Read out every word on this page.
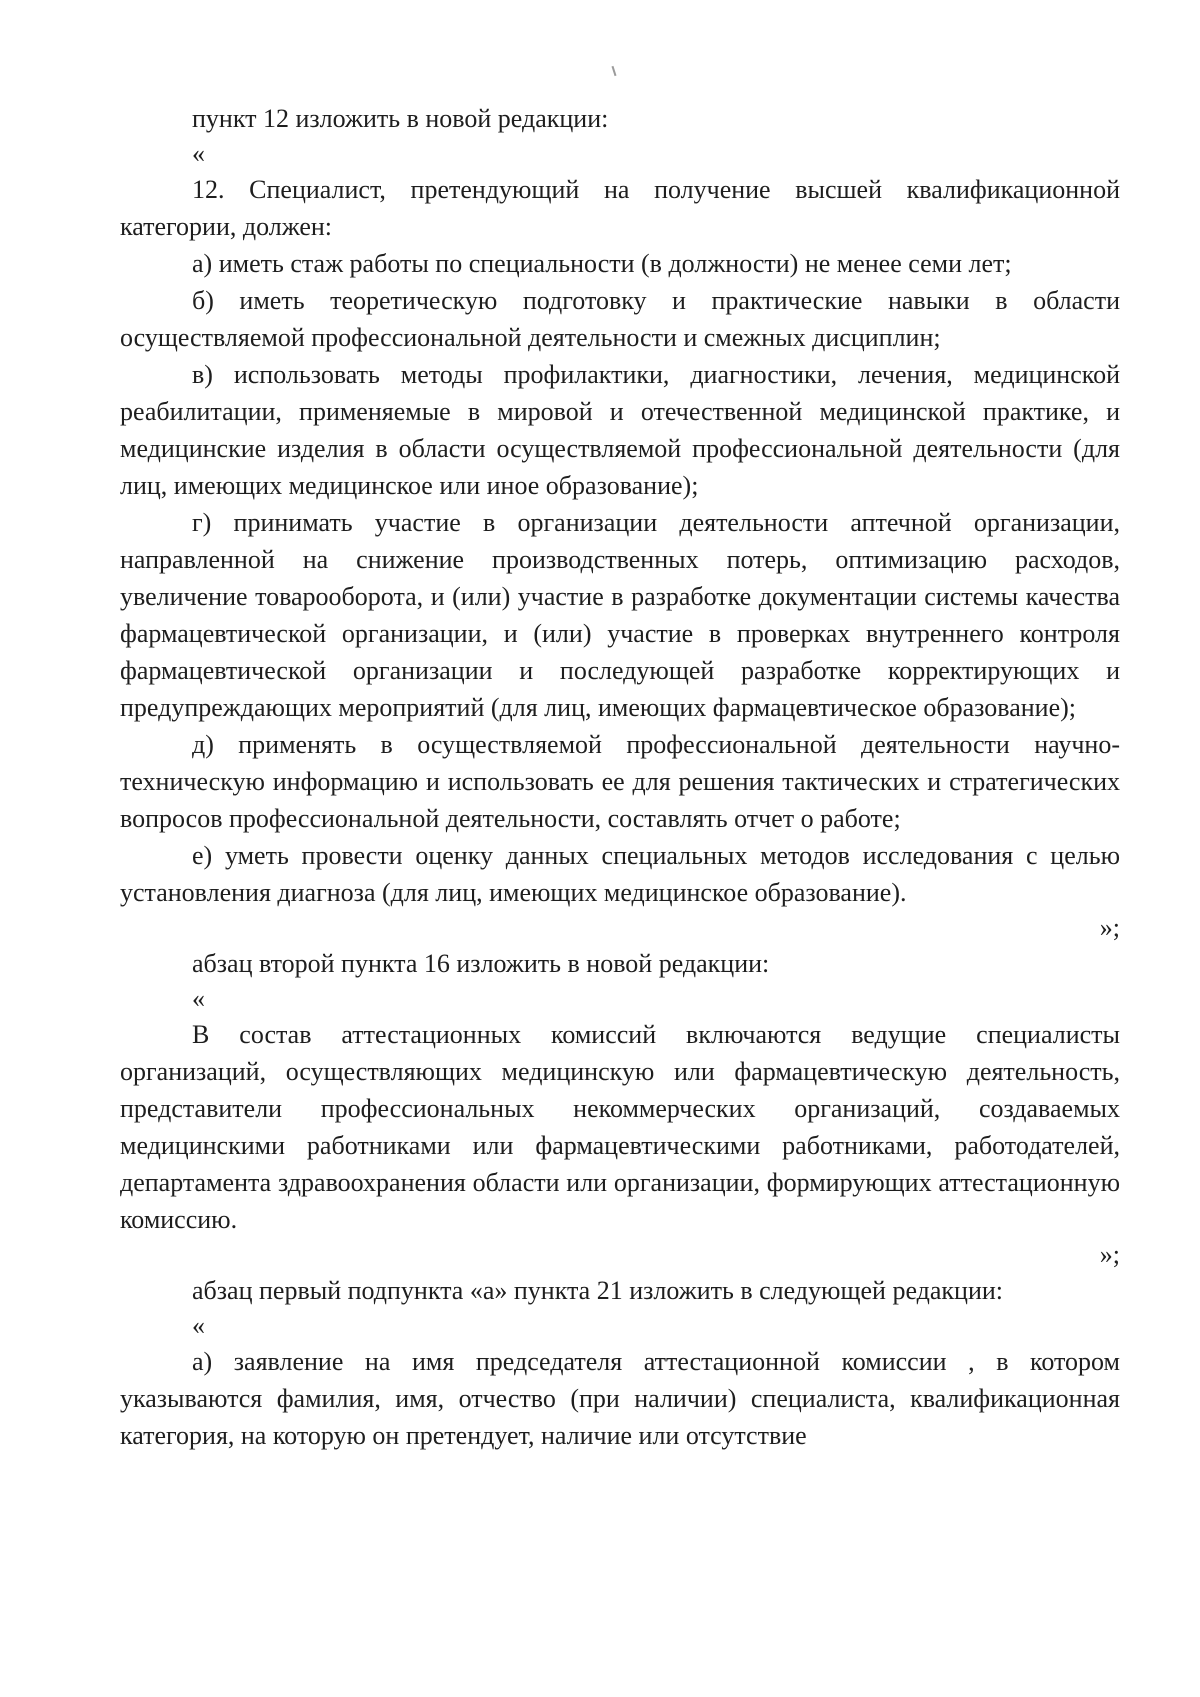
пункт 12 изложить в новой редакции:

«

12. Специалист, претендующий на получение высшей квалификационной категории, должен:

а) иметь стаж работы по специальности (в должности) не менее семи лет;

б) иметь теоретическую подготовку и практические навыки в области осуществляемой профессиональной деятельности и смежных дисциплин;

в) использовать методы профилактики, диагностики, лечения, медицинской реабилитации, применяемые в мировой и отечественной медицинской практике, и медицинские изделия в области осуществляемой профессиональной деятельности (для лиц, имеющих медицинское или иное образование);

г) принимать участие в организации деятельности аптечной организации, направленной на снижение производственных потерь, оптимизацию расходов, увеличение товарооборота, и (или) участие в разработке документации системы качества фармацевтической организации, и (или) участие в проверках внутреннего контроля фармацевтической организации и последующей разработке корректирующих и предупреждающих мероприятий (для лиц, имеющих фармацевтическое образование);

д) применять в осуществляемой профессиональной деятельности научно-техническую информацию и использовать ее для решения тактических и стратегических вопросов профессиональной деятельности, составлять отчет о работе;

е) уметь провести оценку данных специальных методов исследования с целью установления диагноза (для лиц, имеющих медицинское образование).

»;

абзац второй пункта 16 изложить в новой редакции:

«

В состав аттестационных комиссий включаются ведущие специалисты организаций, осуществляющих медицинскую или фармацевтическую деятельность, представители профессиональных некоммерческих организаций, создаваемых медицинскими работниками или фармацевтическими работниками, работодателей, департамента здравоохранения области или организации, формирующих аттестационную комиссию.

»;

абзац первый подпункта «а» пункта 21 изложить в следующей редакции:

«

а) заявление на имя председателя аттестационной комиссии , в котором указываются фамилия, имя, отчество (при наличии) специалиста, квалификационная категория, на которую он претендует, наличие или отсутствие
